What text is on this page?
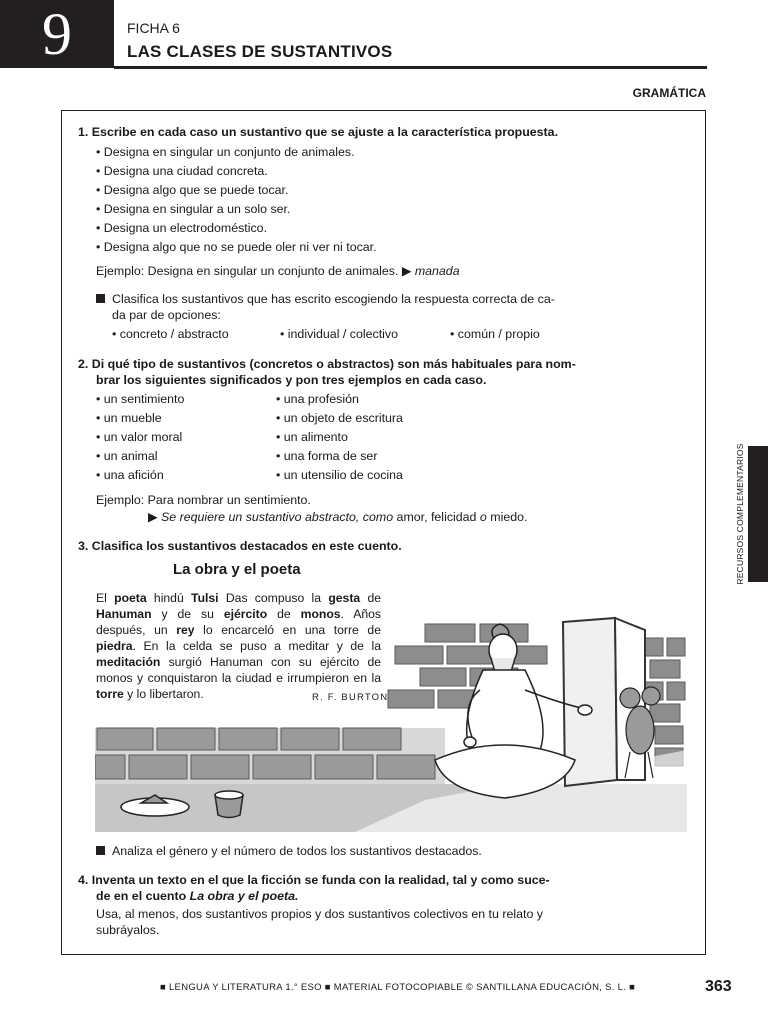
9	FICHA 6
LAS CLASES DE SUSTANTIVOS
GRAMÁTICA
RECURSOS COMPLEMENTARIOS
1. Escribe en cada caso un sustantivo que se ajuste a la característica propuesta.
• Designa en singular un conjunto de animales.
• Designa una ciudad concreta.
• Designa algo que se puede tocar.
• Designa en singular a un solo ser.
• Designa un electrodoméstico.
• Designa algo que no se puede oler ni ver ni tocar.
Ejemplo: Designa en singular un conjunto de animales. ▶ manada
Clasifica los sustantivos que has escrito escogiendo la respuesta correcta de ca-
da par de opciones:
• concreto / abstracto	• individual / colectivo	• común / propio
2. Di qué tipo de sustantivos (concretos o abstractos) son más habituales para nom-
brar los siguientes significados y pon tres ejemplos en cada caso.
• un sentimiento
• un mueble
• un valor moral
• un animal
• una afición
• una profesión
• un objeto de escritura
• un alimento
• una forma de ser
• un utensilio de cocina
Ejemplo: Para nombrar un sentimiento.
▶ Se requiere un sustantivo abstracto, como amor, felicidad o miedo.
3. Clasifica los sustantivos destacados en este cuento.
La obra y el poeta
El poeta hindú Tulsi Das compuso la gesta de Hanuman y de su ejército de monos. Años después, un rey lo encarceló en una torre de piedra. En la celda se puso a meditar y de la meditación surgió Hanuman con su ejército de monos y conquistaron la ciudad e irrumpieron en la torre y lo libertaron.	R. F. BURTON
Analiza el género y el número de todos los sustantivos destacados.
4. Inventa un texto en el que la ficción se funda con la realidad, tal y como suce-
de en el cuento La obra y el poeta.
Usa, al menos, dos sustantivos propios y dos sustantivos colectivos en tu relato y
subráyalos.
■ LENGUA Y LITERATURA 1.° ESO ■ MATERIAL FOTOCOPIABLE © SANTILLANA EDUCACIÓN, S. L. ■	363
